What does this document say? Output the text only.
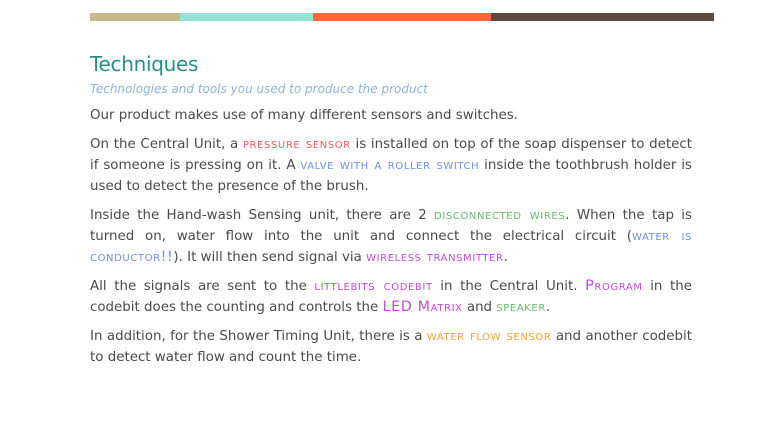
Techniques
Technologies and tools you used to produce the product

Our product makes use of many different sensors and switches.

On the Central Unit, a pressure sensor is installed on top of the soap dispenser to detect if someone is pressing on it. A valve with a roller switch inside the toothbrush holder is used to detect the presence of the brush.

Inside the Hand-wash Sensing unit, there are 2 disconnected wires. When the tap is turned on, water flow into the unit and connect the electrical circuit (water is conductor!!). It will then send signal via wireless transmitter.

All the signals are sent to the littlebits codebit in the Central Unit. Program in the codebit does the counting and controls the LED Matrix and speaker.

In addition, for the Shower Timing Unit, there is a water flow sensor and another codebit to detect water flow and count the time.
